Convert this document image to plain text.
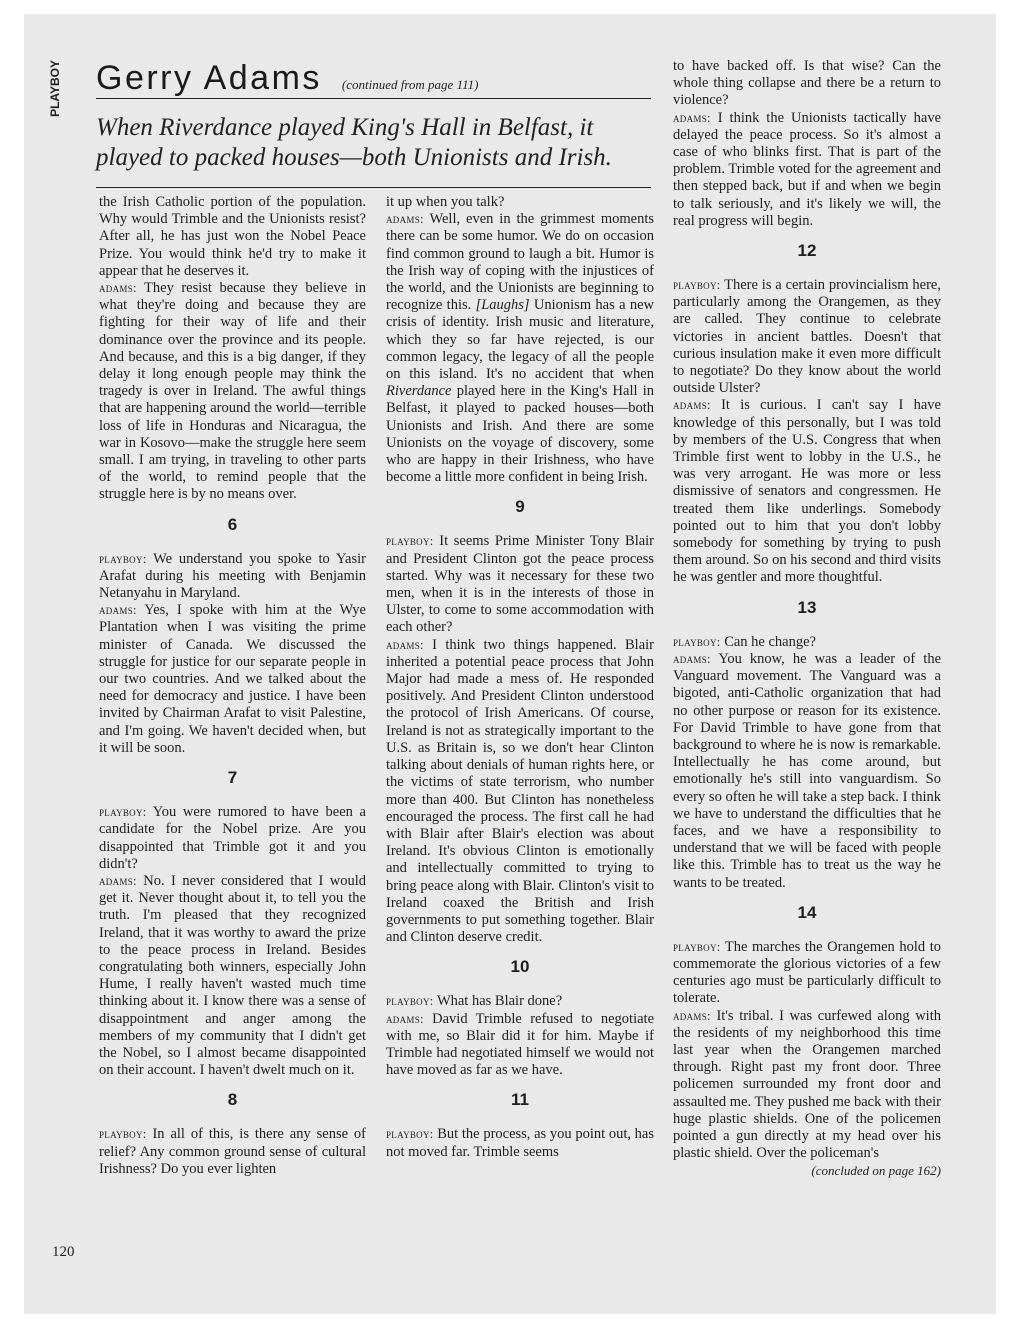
PLAYBOY
120
Gerry Adams (continued from page 111)
When Riverdance played King's Hall in Belfast, it played to packed houses—both Unionists and Irish.

the Irish Catholic portion of the population. Why would Trimble and the Unionists resist? After all, he has just won the Nobel Peace Prize. You would think he'd try to make it appear that he deserves it.

adams: They resist because they believe in what they're doing and because they are fighting for their way of life and their dominance over the province and its people. And because, and this is a big danger, if they delay it long enough people may think the tragedy is over in Ireland. The awful things that are happening around the world—terrible loss of life in Honduras and Nicaragua, the war in Kosovo—make the struggle here seem small. I am trying, in traveling to other parts of the world, to remind people that the struggle here is by no means over.

6

playboy: We understand you spoke to Yasir Arafat during his meeting with Benjamin Netanyahu in Maryland.

adams: Yes, I spoke with him at the Wye Plantation when I was visiting the prime minister of Canada. We discussed the struggle for justice for our separate people in our two countries. And we talked about the need for democracy and justice. I have been invited by Chairman Arafat to visit Palestine, and I'm going. We haven't decided when, but it will be soon.

7

playboy: You were rumored to have been a candidate for the Nobel prize. Are you disappointed that Trimble got it and you didn't?

adams: No. I never considered that I would get it. Never thought about it, to tell you the truth. I'm pleased that they recognized Ireland, that it was worthy to award the prize to the peace process in Ireland. Besides congratulating both winners, especially John Hume, I really haven't wasted much time thinking about it. I know there was a sense of disappointment and anger among the members of my community that I didn't get the Nobel, so I almost became disappointed on their account. I haven't dwelt much on it.

8

playboy: In all of this, is there any sense of relief? Any common ground sense of cultural Irishness? Do you ever lighten

it up when you talk?

adams: Well, even in the grimmest moments there can be some humor. We do on occasion find common ground to laugh a bit. Humor is the Irish way of coping with the injustices of the world, and the Unionists are beginning to recognize this. [Laughs] Unionism has a new crisis of identity. Irish music and literature, which they so far have rejected, is our common legacy, the legacy of all the people on this island. It's no accident that when Riverdance played here in the King's Hall in Belfast, it played to packed houses—both Unionists and Irish. And there are some Unionists on the voyage of discovery, some who are happy in their Irishness, who have become a little more confident in being Irish.

9

playboy: It seems Prime Minister Tony Blair and President Clinton got the peace process started. Why was it necessary for these two men, when it is in the interests of those in Ulster, to come to some accommodation with each other?

adams: I think two things happened. Blair inherited a potential peace process that John Major had made a mess of. He responded positively. And President Clinton understood the protocol of Irish Americans. Of course, Ireland is not as strategically important to the U.S. as Britain is, so we don't hear Clinton talking about denials of human rights here, or the victims of state terrorism, who number more than 400. But Clinton has nonetheless encouraged the process. The first call he had with Blair after Blair's election was about Ireland. It's obvious Clinton is emotionally and intellectually committed to trying to bring peace along with Blair. Clinton's visit to Ireland coaxed the British and Irish governments to put something together. Blair and Clinton deserve credit.

10

playboy: What has Blair done?

adams: David Trimble refused to negotiate with me, so Blair did it for him. Maybe if Trimble had negotiated himself we would not have moved as far as we have.

11

playboy: But the process, as you point out, has not moved far. Trimble seems

to have backed off. Is that wise? Can the whole thing collapse and there be a return to violence?

adams: I think the Unionists tactically have delayed the peace process. So it's almost a case of who blinks first. That is part of the problem. Trimble voted for the agreement and then stepped back, but if and when we begin to talk seriously, and it's likely we will, the real progress will begin.

12

playboy: There is a certain provincialism here, particularly among the Orangemen, as they are called. They continue to celebrate victories in ancient battles. Doesn't that curious insulation make it even more difficult to negotiate? Do they know about the world outside Ulster?

adams: It is curious. I can't say I have knowledge of this personally, but I was told by members of the U.S. Congress that when Trimble first went to lobby in the U.S., he was very arrogant. He was more or less dismissive of senators and congressmen. He treated them like underlings. Somebody pointed out to him that you don't lobby somebody for something by trying to push them around. So on his second and third visits he was gentler and more thoughtful.

13

playboy: Can he change?

adams: You know, he was a leader of the Vanguard movement. The Vanguard was a bigoted, anti-Catholic organization that had no other purpose or reason for its existence. For David Trimble to have gone from that background to where he is now is remarkable. Intellectually he has come around, but emotionally he's still into vanguardism. So every so often he will take a step back. I think we have to understand the difficulties that he faces, and we have a responsibility to understand that we will be faced with people like this. Trimble has to treat us the way he wants to be treated.

14

playboy: The marches the Orangemen hold to commemorate the glorious victories of a few centuries ago must be particularly difficult to tolerate.

adams: It's tribal. I was curfewed along with the residents of my neighborhood this time last year when the Orangemen marched through. Right past my front door. Three policemen surrounded my front door and assaulted me. They pushed me back with their huge plastic shields. One of the policemen pointed a gun directly at my head over his plastic shield. Over the policeman's

(concluded on page 162)
